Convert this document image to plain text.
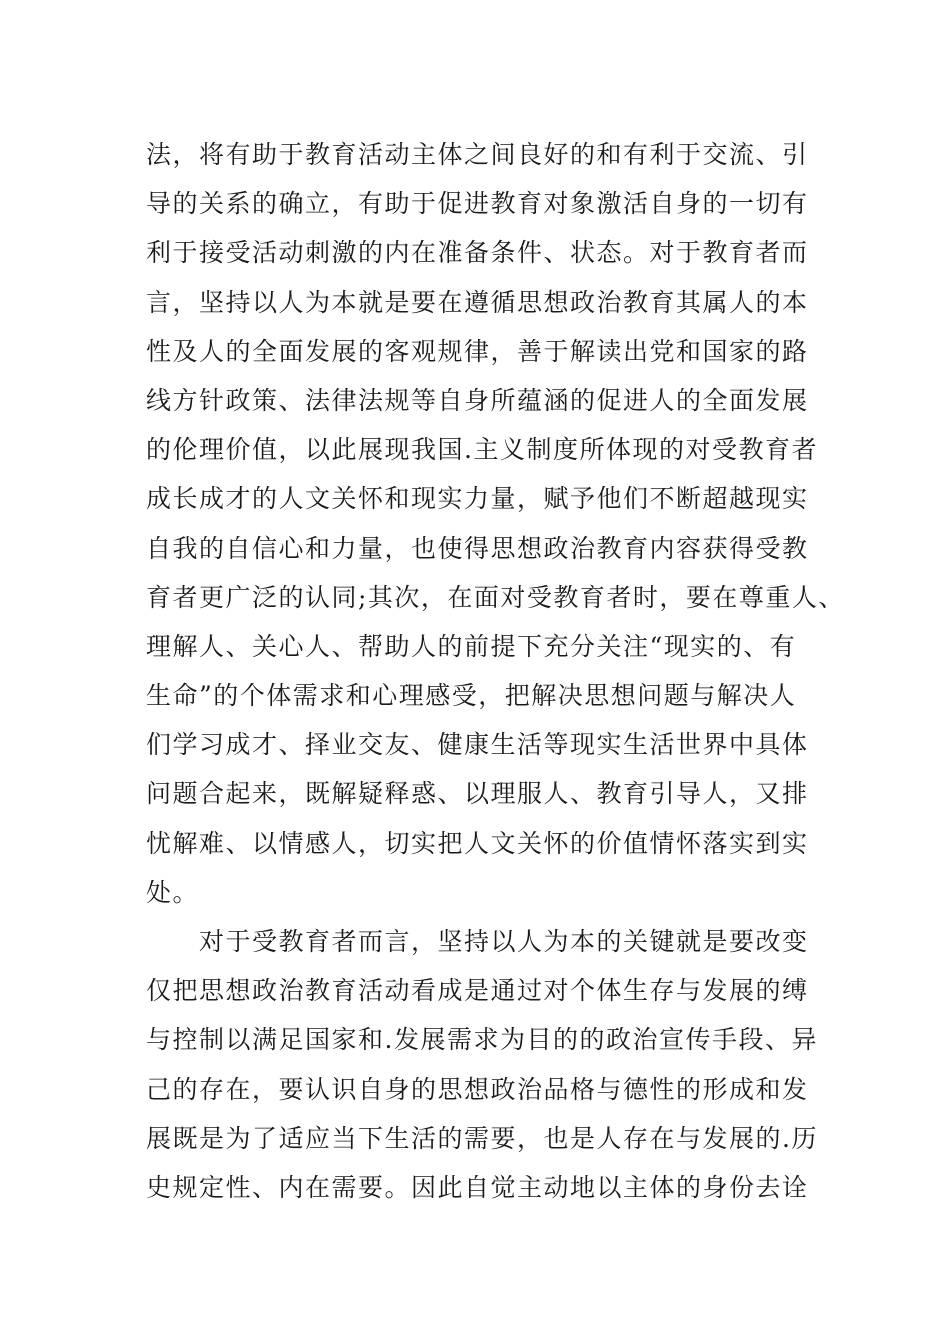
法，将有助于教育活动主体之间良好的和有利于交流、引
导的关系的确立，有助于促进教育对象激活自身的一切有
利于接受活动刺激的内在准备条件、状态。对于教育者而
言，坚持以人为本就是要在遵循思想政治教育其属人的本
性及人的全面发展的客观规律，善于解读出党和国家的路
线方针政策、法律法规等自身所蕴涵的促进人的全面发展
的伦理价值，以此展现我国.主义制度所体现的对受教育者
成长成才的人文关怀和现实力量，赋予他们不断超越现实
自我的自信心和力量，也使得思想政治教育内容获得受教
育者更广泛的认同;其次，在面对受教育者时，要在尊重人、
理解人、关心人、帮助人的前提下充分关注“现实的、有
生命”的个体需求和心理感受，把解决思想问题与解决人
们学习成才、择业交友、健康生活等现实生活世界中具体
问题合起来，既解疑释惑、以理服人、教育引导人，又排
忧解难、以情感人，切实把人文关怀的价值情怀落实到实
处。
　　对于受教育者而言，坚持以人为本的关键就是要改变
仅把思想政治教育活动看成是通过对个体生存与发展的缚
与控制以满足国家和.发展需求为目的的政治宣传手段、异
己的存在，要认识自身的思想政治品格与德性的形成和发
展既是为了适应当下生活的需要，也是人存在与发展的.历
史规定性、内在需要。因此自觉主动地以主体的身份去诠
